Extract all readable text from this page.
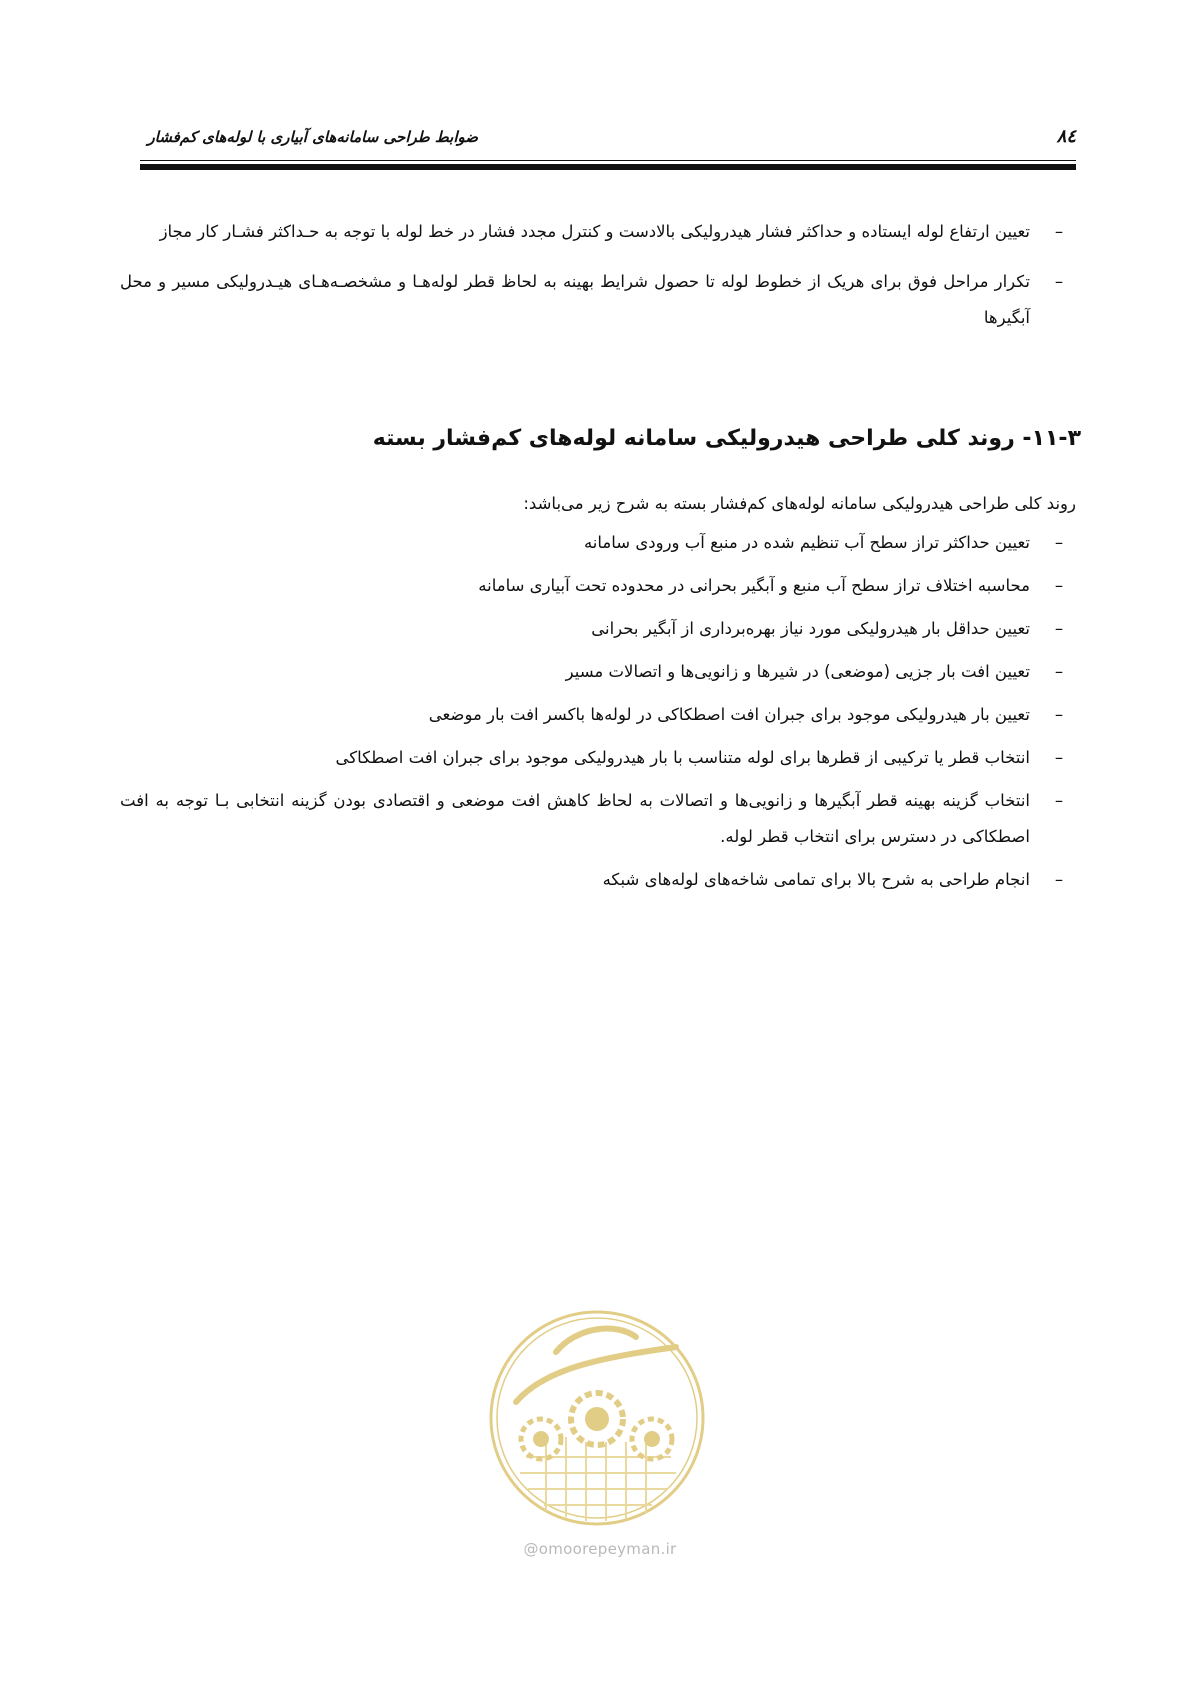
ضوابط طراحی سامانه‌های آبیاری با لوله‌های کم‌فشار	۸٤
–
تعیین ارتفاع لوله ایستاده و حداکثر فشار هیدرولیکی بالادست و کنترل مجدد فشار در خط لوله با توجه به حـداکثر فشـار کار مجاز
–
تکرار مراحل فوق برای هریک از خطوط لوله تا حصول شرایط بهینه به لحاظ قطر لوله‌هـا و مشخصـه‌هـای هیـدرولیکی مسیر و محل آبگیرها
۱۱-۳- روند کلی طراحی هیدرولیکی سامانه لوله‌های کم‌فشار بسته
روند کلی طراحی هیدرولیکی سامانه لوله‌های کم‌فشار بسته به شرح زیر می‌باشد:
–
تعیین حداکثر تراز سطح آب تنظیم شده در منبع آب ورودی سامانه
–
محاسبه اختلاف تراز سطح آب منبع و آبگیر بحرانی در محدوده تحت آبیاری سامانه
–
تعیین حداقل بار هیدرولیکی مورد نیاز بهره‌برداری از آبگیر بحرانی
–
تعیین افت بار جزیی (موضعی) در شیرها و زانویی‌ها و اتصالات مسیر
–
تعیین بار هیدرولیکی موجود برای جبران افت اصطکاکی در لوله‌ها باکسر افت بار موضعی
–
انتخاب قطر یا ترکیبی از قطرها برای لوله متناسب با بار هیدرولیکی موجود برای جبران افت اصطکاکی
–
انتخاب گزینه بهینه قطر آبگیرها و زانویی‌ها و اتصالات به لحاظ کاهش افت موضعی و اقتصادی بودن گزینه انتخابی بـا توجه به افت اصطکاکی در دسترس برای انتخاب قطر لوله.
–
انجام طراحی به شرح بالا برای تمامی شاخه‌های لوله‌های شبکه
@omoorepeyman.ir
